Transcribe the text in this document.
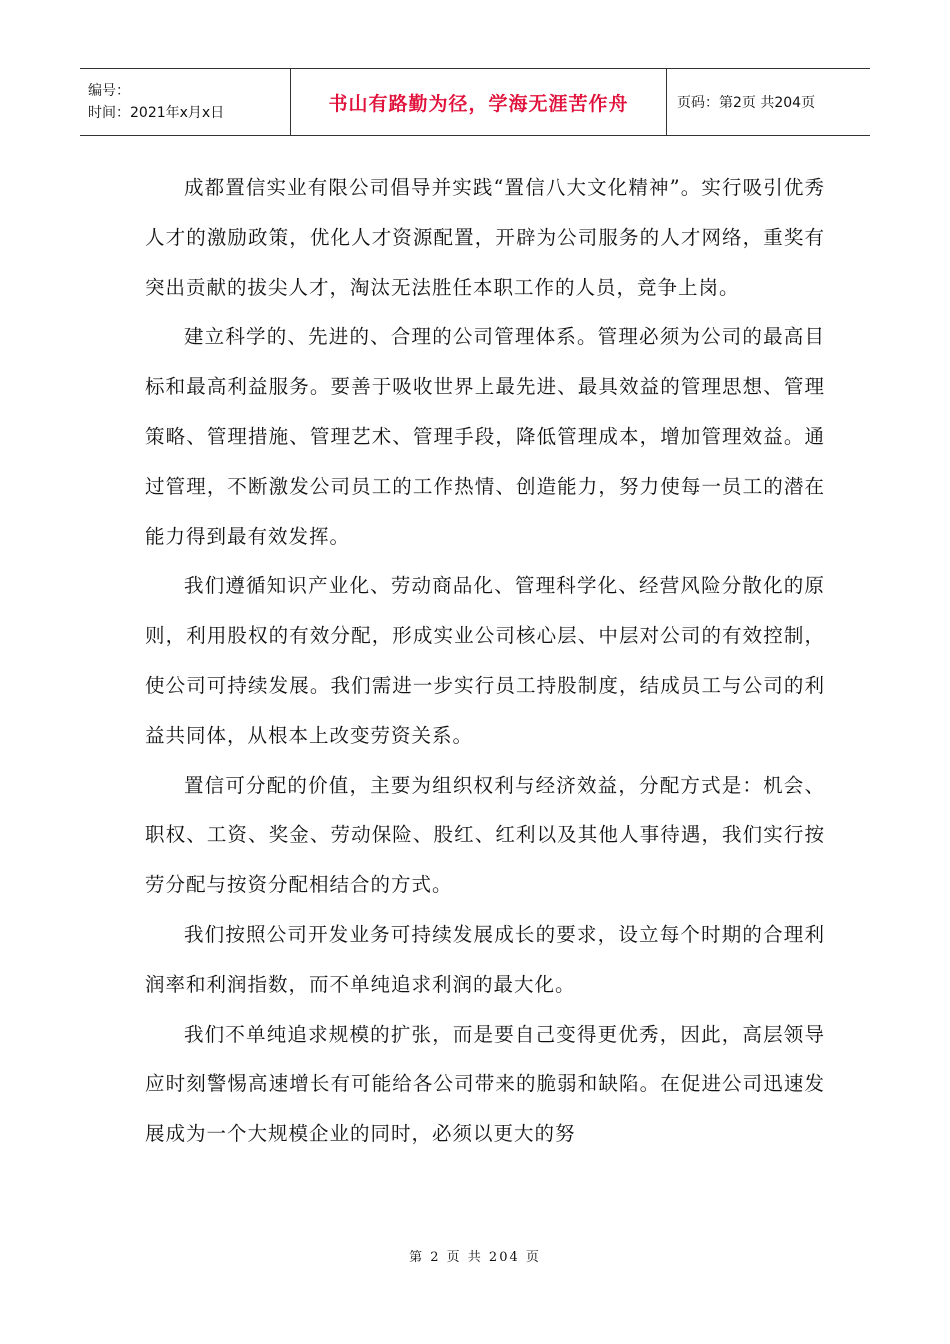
编号：
时间：2021年x月x日	书山有路勤为径，学海无涯苦作舟	页码：第2页 共204页

成都置信实业有限公司倡导并实践“置信八大文化精神”。实行吸引优秀人才的激励政策，优化人才资源配置，开辟为公司服务的人才网络，重奖有突出贡献的拔尖人才，淘汰无法胜任本职工作的人员，竞争上岗。

建立科学的、先进的、合理的公司管理体系。管理必须为公司的最高目标和最高利益服务。要善于吸收世界上最先进、最具效益的管理思想、管理策略、管理措施、管理艺术、管理手段，降低管理成本，增加管理效益。通过管理，不断激发公司员工的工作热情、创造能力，努力使每一员工的潜在能力得到最有效发挥。

我们遵循知识产业化、劳动商品化、管理科学化、经营风险分散化的原则，利用股权的有效分配，形成实业公司核心层、中层对公司的有效控制，使公司可持续发展。我们需进一步实行员工持股制度，结成员工与公司的利益共同体，从根本上改变劳资关系。

置信可分配的价值，主要为组织权利与经济效益，分配方式是：机会、职权、工资、奖金、劳动保险、股红、红利以及其他人事待遇，我们实行按劳分配与按资分配相结合的方式。

我们按照公司开发业务可持续发展成长的要求，设立每个时期的合理利润率和利润指数，而不单纯追求利润的最大化。

我们不单纯追求规模的扩张，而是要自己变得更优秀，因此，高层领导应时刻警惕高速增长有可能给各公司带来的脆弱和缺陷。在促进公司迅速发展成为一个大规模企业的同时，必须以更大的努

第 2 页 共 204 页
